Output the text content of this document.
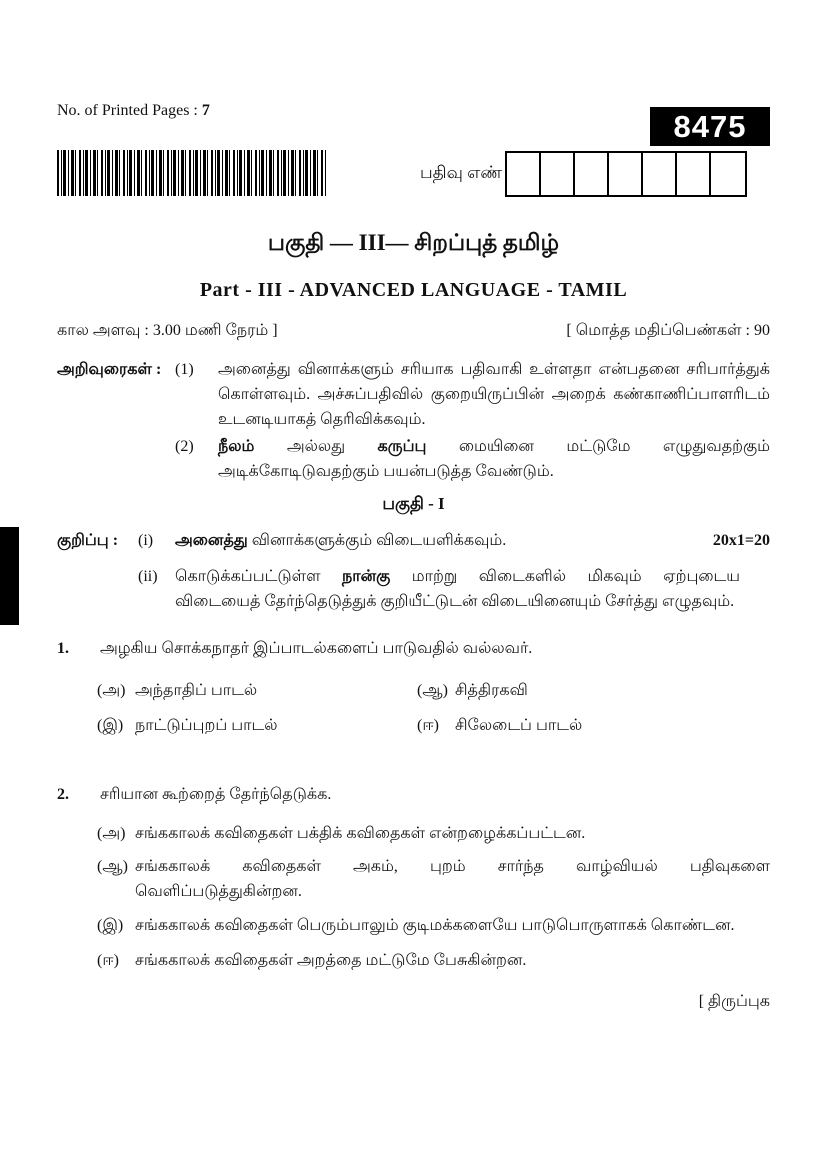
No. of Printed Pages : 7	8475
பதிவு எண்
பகுதி — III— சிறப்புத் தமிழ்
Part - III - ADVANCED LANGUAGE - TAMIL
கால அளவு : 3.00 மணி நேரம் ]	[ மொத்த மதிப்பெண்கள் : 90
அறிவுரைகள் : (1)	அனைத்து வினாக்களும் சரியாக பதிவாகி உள்ளதா என்பதனை சரிபார்த்துக் கொள்ளவும். அச்சுப்பதிவில் குறையிருப்பின் அறைக் கண்காணிப்பாளரிடம் உடனடியாகத் தெரிவிக்கவும்.
(2)	நீலம் அல்லது கருப்பு மையினை மட்டுமே எழுதுவதற்கும் அடிக்கோடிடுவதற்கும் பயன்படுத்த வேண்டும்.
பகுதி - I
குறிப்பு :	(i)	அனைத்து வினாக்களுக்கும் விடையளிக்கவும்.	20x1=20
(ii)	கொடுக்கப்பட்டுள்ள நான்கு மாற்று விடைகளில் மிகவும் ஏற்புடைய விடையைத் தேர்ந்தெடுத்துக் குறியீட்டுடன் விடையினையும் சேர்த்து எழுதவும்.
1.	அழகிய சொக்கநாதர் இப்பாடல்களைப் பாடுவதில் வல்லவர்.
(அ) அந்தாதிப் பாடல்	(ஆ) சித்திரகவி
(இ) நாட்டுப்புறப் பாடல்	(ஈ)	சிலேடைப் பாடல்
2.	சரியான கூற்றைத் தேர்ந்தெடுக்க.
(அ) சங்ககாலக் கவிதைகள் பக்திக் கவிதைகள் என்றழைக்கப்பட்டன.
(ஆ) சங்ககாலக் கவிதைகள் அகம், புறம் சார்ந்த வாழ்வியல் பதிவுகளை வெளிப்படுத்துகின்றன.
(இ) சங்ககாலக் கவிதைகள் பெரும்பாலும் குடிமக்களையே பாடுபொருளாகக் கொண்டன.
(ஈ)	சங்ககாலக் கவிதைகள் அறத்தை மட்டுமே பேசுகின்றன.
[ திருப்புக
